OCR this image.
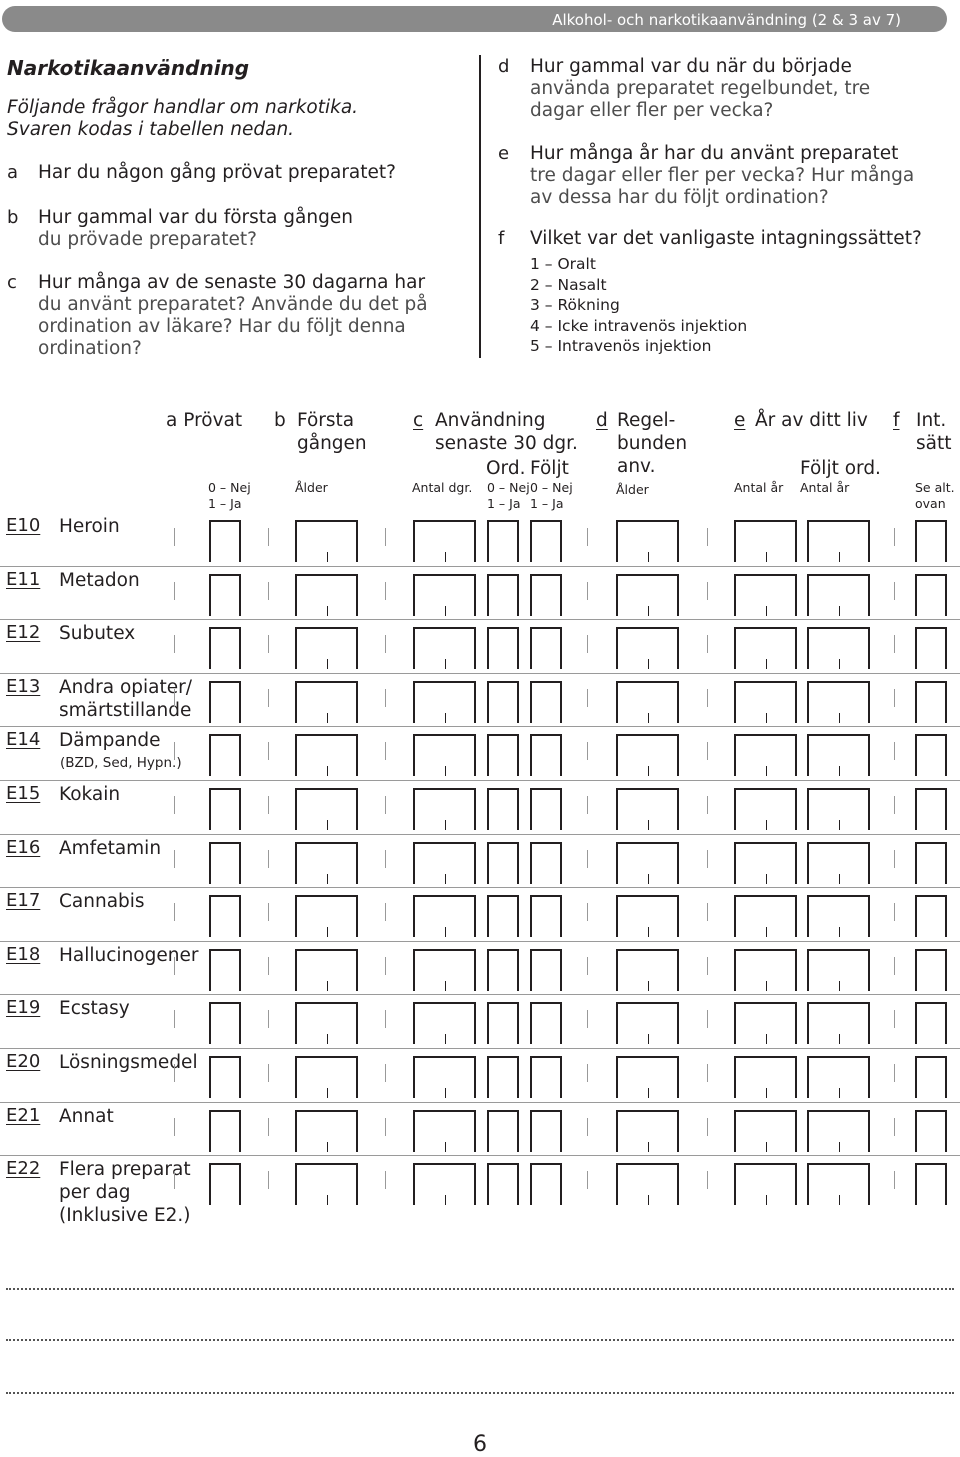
Alkohol- och narkotikaanvändning (2 & 3 av 7)
Narkotikaanvändning
Följande frågor handlar om narkotika.
Svaren kodas i tabellen nedan.
a Har du någon gång prövat preparatet?
b Hur gammal var du första gången
du prövade preparatet?
c Hur många av de senaste 30 dagarna har
du använt preparatet? Använde du det på
ordination av läkare? Har du följt denna
ordination?
d Hur gammal var du när du började
använda preparatet regelbundet, tre
dagar eller fler per vecka?
e Hur många år har du använt preparatet
tre dagar eller fler per vecka? Hur många
av dessa har du följt ordination?
f Vilket var det vanligaste intagningssättet?
1 – Oralt
2 – Nasalt
3 – Rökning
4 – Icke intravenös injektion
5 – Intravenös injektion
a Prövat
0 – Nej
1 – Ja
b Första
gången
Ålder
c Användning
senaste 30 dgr.
Ord. Följt
Antal dgr. 0 – Nej
1 – Ja
0 – Nej
1 – Ja
d Regel-
bunden
anv.
Ålder
e År av ditt liv
Följt ord.
Antal år Antal år
f Int.
sätt
Se alt.
ovan
E10 Heroin
E11 Metadon
E12 Subutex
E13 Andra opiater/
smärtstillande
E14 Dämpande
(BZD, Sed, Hypn.)
E15 Kokain
E16 Amfetamin
E17 Cannabis
E18 Hallucinogener
E19 Ecstasy
E20 Lösningsmedel
E21 Annat
E22 Flera preparat
per dag
(Inklusive E2.)
6
